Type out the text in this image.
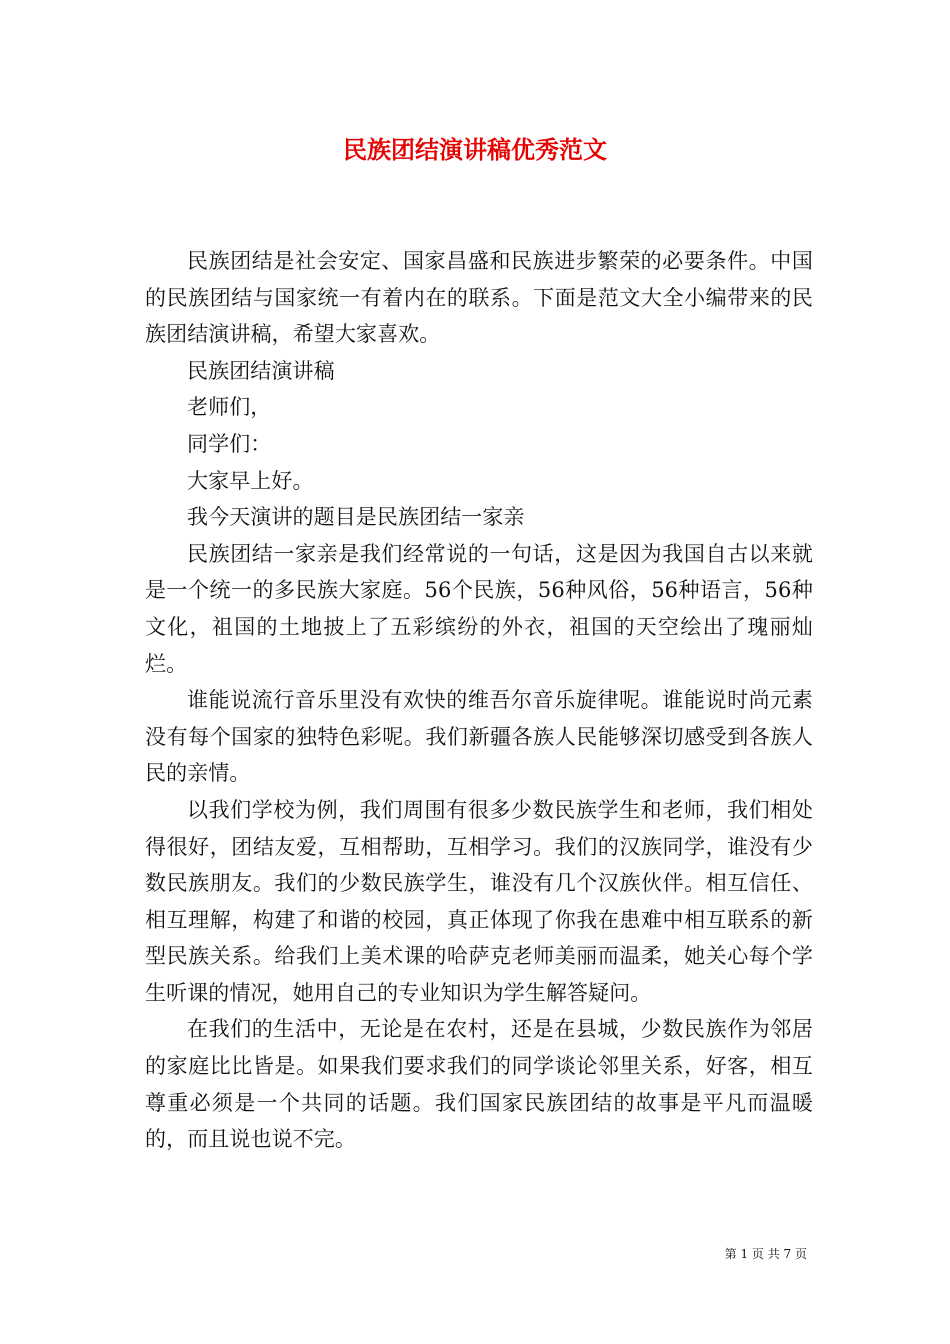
民族团结演讲稿优秀范文

民族团结是社会安定、国家昌盛和民族进步繁荣的必要条件。中国的民族团结与国家统一有着内在的联系。下面是范文大全小编带来的民族团结演讲稿，希望大家喜欢。

民族团结演讲稿

老师们，

同学们：

大家早上好。

我今天演讲的题目是民族团结一家亲

民族团结一家亲是我们经常说的一句话，这是因为我国自古以来就是一个统一的多民族大家庭。56个民族，56种风俗，56种语言，56种文化，祖国的土地披上了五彩缤纷的外衣，祖国的天空绘出了瑰丽灿烂。

谁能说流行音乐里没有欢快的维吾尔音乐旋律呢。谁能说时尚元素没有每个国家的独特色彩呢。我们新疆各族人民能够深切感受到各族人民的亲情。

以我们学校为例，我们周围有很多少数民族学生和老师，我们相处得很好，团结友爱，互相帮助，互相学习。我们的汉族同学，谁没有少数民族朋友。我们的少数民族学生，谁没有几个汉族伙伴。相互信任、相互理解，构建了和谐的校园，真正体现了你我在患难中相互联系的新型民族关系。给我们上美术课的哈萨克老师美丽而温柔，她关心每个学生听课的情况，她用自己的专业知识为学生解答疑问。

在我们的生活中，无论是在农村，还是在县城，少数民族作为邻居的家庭比比皆是。如果我们要求我们的同学谈论邻里关系，好客，相互尊重必须是一个共同的话题。我们国家民族团结的故事是平凡而温暖的，而且说也说不完。

第 1 页 共 7 页
